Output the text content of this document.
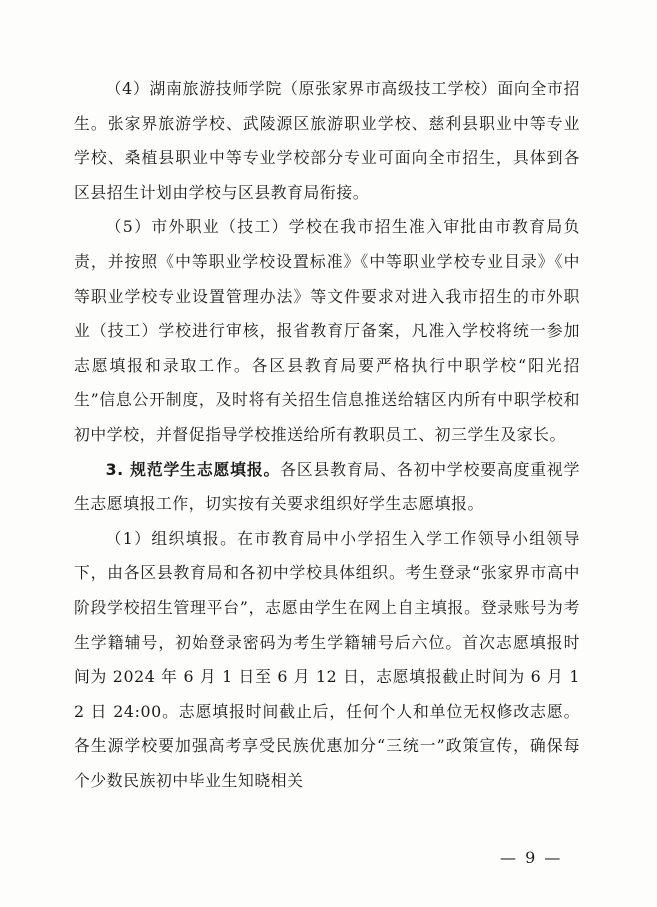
（4）湖南旅游技师学院（原张家界市高级技工学校）面向全市招生。张家界旅游学校、武陵源区旅游职业学校、慈利县职业中等专业学校、桑植县职业中等专业学校部分专业可面向全市招生，具体到各区县招生计划由学校与区县教育局衔接。

（5）市外职业（技工）学校在我市招生准入审批由市教育局负责，并按照《中等职业学校设置标准》《中等职业学校专业目录》《中等职业学校专业设置管理办法》等文件要求对进入我市招生的市外职业（技工）学校进行审核，报省教育厅备案，凡准入学校将统一参加志愿填报和录取工作。各区县教育局要严格执行中职学校“阳光招生”信息公开制度，及时将有关招生信息推送给辖区内所有中职学校和初中学校，并督促指导学校推送给所有教职员工、初三学生及家长。

3. 规范学生志愿填报。各区县教育局、各初中学校要高度重视学生志愿填报工作，切实按有关要求组织好学生志愿填报。

（1）组织填报。在市教育局中小学招生入学工作领导小组领导下，由各区县教育局和各初中学校具体组织。考生登录“张家界市高中阶段学校招生管理平台”，志愿由学生在网上自主填报。登录账号为考生学籍辅号，初始登录密码为考生学籍辅号后六位。首次志愿填报时间为 2024 年 6 月 1 日至 6 月 12 日，志愿填报截止时间为 6 月 12 日 24:00。志愿填报时间截止后，任何个人和单位无权修改志愿。各生源学校要加强高考享受民族优惠加分“三统一”政策宣传，确保每个少数民族初中毕业生知晓相关

— 9 —
